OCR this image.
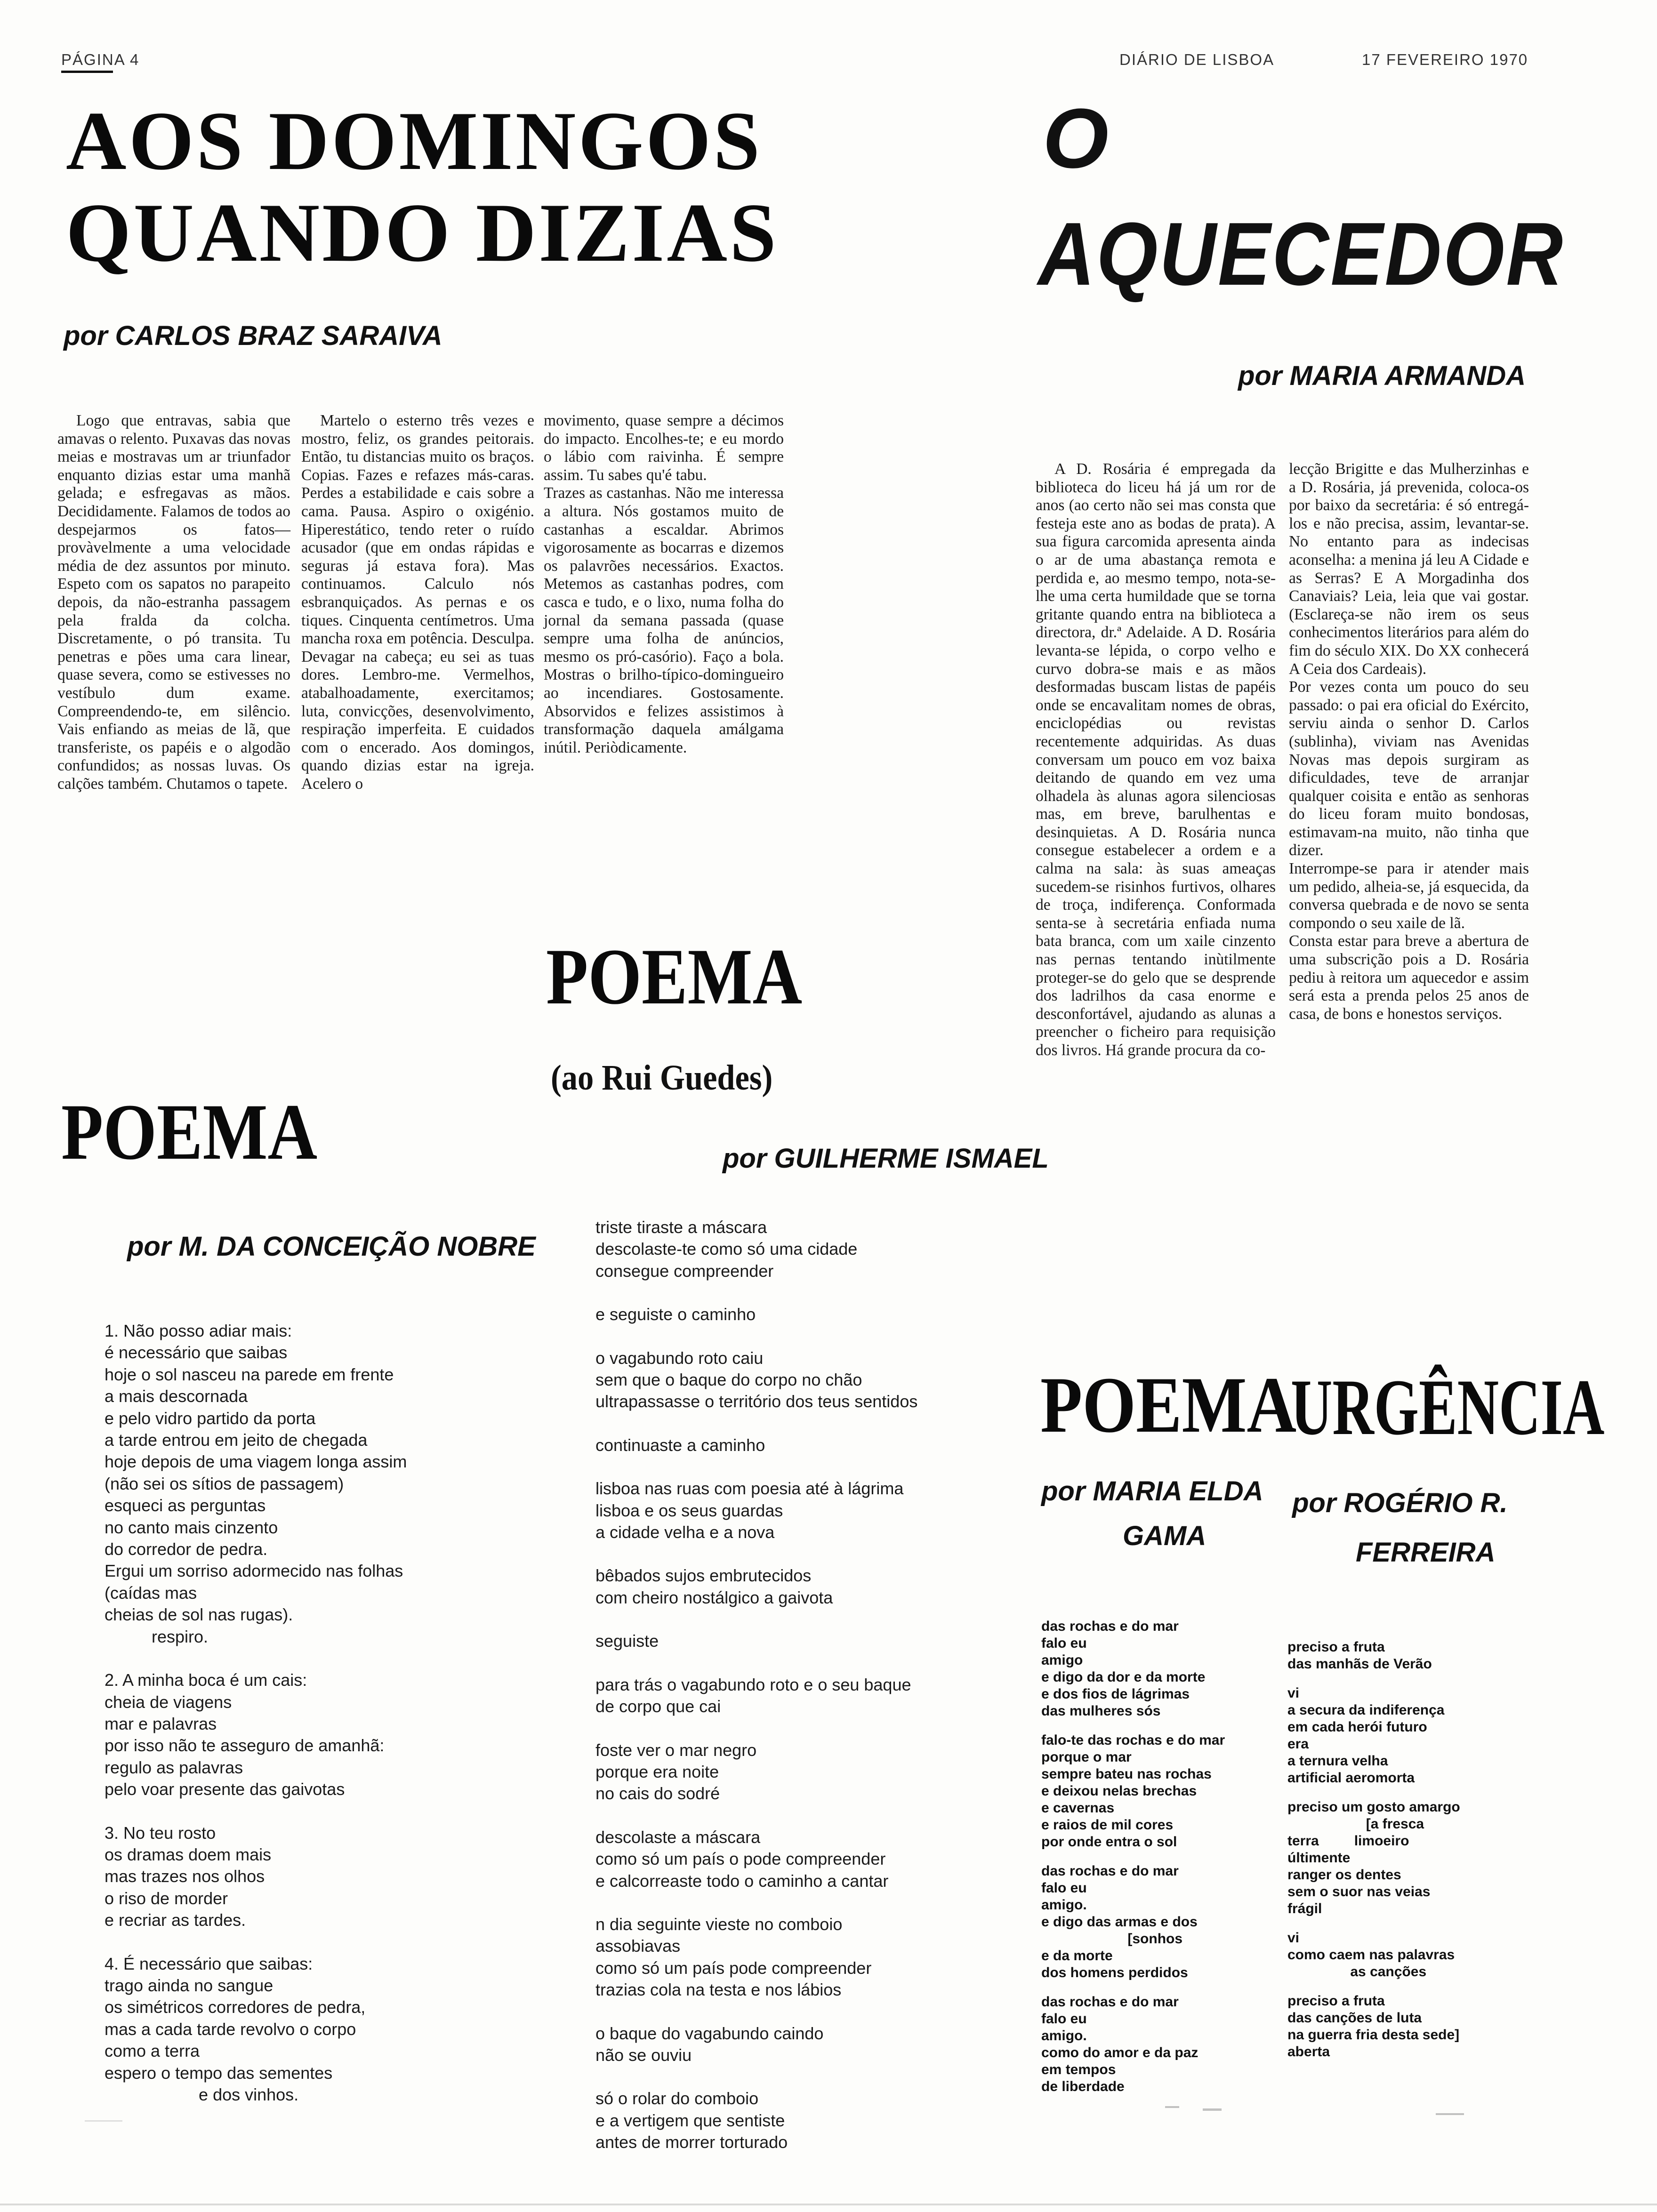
PÁGINA 4	DIÁRIO DE LISBOA	17 FEVEREIRO 1970
AOS DOMINGOS
QUANDO DIZIAS
por CARLOS BRAZ SARAIVA
Logo que entravas, sabia que amavas o relento. Puxavas das novas meias e mostravas um ar triunfador enquanto dizias estar uma manhã gelada; e esfregavas as mãos. Decididamente. Falamos de todos ao despejarmos os fatos—provàvelmente a uma velocidade média de dez assuntos por minuto. Espeto com os sapatos no parapeito depois, da não-estranha passagem pela fralda da colcha. Discretamente, o pó transita. Tu penetras e pões uma cara linear, quase severa, como se estivesses no vestíbulo dum exame. Compreendendo-te, em silêncio. Vais enfiando as meias de lã, que transferiste, os papéis e o algodão confundidos; as nossas luvas. Os calções também. Chutamos o tapete.
Martelo o esterno três vezes e mostro, feliz, os grandes peitorais. Então, tu distancias muito os braços. Copias. Fazes e refazes más-caras. Perdes a estabilidade e cais sobre a cama. Pausa. Aspiro o oxigénio. Hiperestático, tendo reter o ruído acusador (que em ondas rápidas e seguras já estava fora). Mas continuamos. Calculo nós esbranquiçados. As pernas e os tiques. Cinquenta centímetros. Uma mancha roxa em potência. Desculpa. Devagar na cabeça; eu sei as tuas dores. Lembro-me. Vermelhos, atabalhoadamente, exercitamos; luta, convicções, desenvolvimento, respiração imperfeita. E cuidados com o encerado. Aos domingos, quando dizias estar na igreja. Acelero o
movimento, quase sempre a décimos do impacto. Encolhes-te; e eu mordo o lábio com raivinha. É sempre assim. Tu sabes qu'é tabu.
Trazes as castanhas. Não me interessa a altura. Nós gostamos muito de castanhas a escaldar. Abrimos vigorosamente as bocarras e dizemos os palavrões necessários. Exactos. Metemos as castanhas podres, com casca e tudo, e o lixo, numa folha do jornal da semana passada (quase sempre uma folha de anúncios, mesmo os pró-casório). Faço a bola. Mostras o brilho-típico-domingueiro ao incendiares. Gostosamente. Absorvidos e felizes assistimos à transformação daquela amálgama inútil. Periòdicamente.
O
AQUECEDOR
por MARIA ARMANDA
A D. Rosária é empregada da biblioteca do liceu há já um ror de anos (ao certo não sei mas consta que festeja este ano as bodas de prata). A sua figura carcomida apresenta ainda o ar de uma abastança remota e perdida e, ao mesmo tempo, nota-se-lhe uma certa humildade que se torna gritante quando entra na biblioteca a directora, dr.ª Adelaide. A D. Rosária levanta-se lépida, o corpo velho e curvo dobra-se mais e as mãos desformadas buscam listas de papéis onde se encavalitam nomes de obras, enciclopédias ou revistas recentemente adquiridas. As duas conversam um pouco em voz baixa deitando de quando em vez uma olhadela às alunas agora silenciosas mas, em breve, barulhentas e desinquietas. A D. Rosária nunca consegue estabelecer a ordem e a calma na sala: às suas ameaças sucedem-se risinhos furtivos, olhares de troça, indiferença. Conformada senta-se à secretária enfiada numa bata branca, com um xaile cinzento nas pernas tentando inùtilmente proteger-se do gelo que se desprende dos ladrilhos da casa enorme e desconfortável, ajudando as alunas a preencher o ficheiro para requisição dos livros. Há grande procura da co-
lecção Brigitte e das Mulherzinhas e a D. Rosária, já prevenida, coloca-os por baixo da secretária: é só entregá-los e não precisa, assim, levantar-se. No entanto para as indecisas aconselha: a menina já leu A Cidade e as Serras? E A Morgadinha dos Canaviais? Leia, leia que vai gostar. (Esclareça-se não irem os seus conhecimentos literários para além do fim do século XIX. Do XX conhecerá A Ceia dos Cardeais).
Por vezes conta um pouco do seu passado: o pai era oficial do Exército, serviu ainda o senhor D. Carlos (sublinha), viviam nas Avenidas Novas mas depois surgiram as dificuldades, teve de arranjar qualquer coisita e então as senhoras do liceu foram muito bondosas, estimavam-na muito, não tinha que dizer.
Interrompe-se para ir atender mais um pedido, alheia-se, já esquecida, da conversa quebrada e de novo se senta compondo o seu xaile de lã.
Consta estar para breve a abertura de uma subscrição pois a D. Rosária pediu à reitora um aquecedor e assim será esta a prenda pelos 25 anos de casa, de bons e honestos serviços.
POEMA
(ao Rui Guedes)
por GUILHERME ISMAEL
triste tiraste a máscara
descolaste-te como só uma cidade
consegue compreender
e seguiste o caminho
o vagabundo roto caiu
sem que o baque do corpo no chão
ultrapassasse o território dos teus sentidos
continuaste a caminho
lisboa nas ruas com poesia até à lágrima
lisboa e os seus guardas
a cidade velha e a nova
bêbados sujos embrutecidos
com cheiro nostálgico a gaivota
seguiste
para trás o vagabundo roto e o seu baque
de corpo que cai
foste ver o mar negro
porque era noite
no cais do sodré
descolaste a máscara
como só um país o pode compreender
e calcorreaste todo o caminho a cantar
n dia seguinte vieste no comboio
assobiavas
como só um país pode compreender
trazias cola na testa e nos lábios
o baque do vagabundo caindo
não se ouviu
só o rolar do comboio
e a vertigem que sentiste
antes de morrer torturado
POEMA
por M. DA CONCEIÇÃO NOBRE
1. Não posso adiar mais:
é necessário que saibas
hoje o sol nasceu na parede em frente
a mais descornada
e pelo vidro partido da porta
a tarde entrou em jeito de chegada
hoje depois de uma viagem longa assim
(não sei os sítios de passagem)
esqueci as perguntas
no canto mais cinzento
do corredor de pedra.
Ergui um sorriso adormecido nas folhas
(caídas mas
cheias de sol nas rugas).
respiro.
2. A minha boca é um cais:
cheia de viagens
mar e palavras
por isso não te asseguro de amanhã:
regulo as palavras
pelo voar presente das gaivotas
3. No teu rosto
os dramas doem mais
mas trazes nos olhos
o riso de morder
e recriar as tardes.
4. É necessário que saibas:
trago ainda no sangue
os simétricos corredores de pedra,
mas a cada tarde revolvo o corpo
como a terra
espero o tempo das sementes
e dos vinhos.
POEMA
por MARIA ELDA
GAMA
das rochas e do mar
falo eu
amigo
e digo da dor e da morte
e dos fios de lágrimas
das mulheres sós
falo-te das rochas e do mar
porque o mar
sempre bateu nas rochas
e deixou nelas brechas
e cavernas
e raios de mil cores
por onde entra o sol
das rochas e do mar
falo eu
amigo.
e digo das armas e dos
[sonhos
e da morte
dos homens perdidos
das rochas e do mar
falo eu
amigo.
como do amor e da paz
em tempos
de liberdade
URGÊNCIA
por ROGÉRIO R.
FERREIRA
preciso a fruta
das manhãs de Verão
vi
a secura da indiferença
em cada herói futuro
era
a ternura velha
artificial aeromorta
preciso um gosto amargo
[a fresca
terra         limoeiro
últimente
ranger os dentes
sem o suor nas veias
frágil
vi
como caem nas palavras
as canções
preciso a fruta
das canções de luta
na guerra fria desta sede]
aberta
